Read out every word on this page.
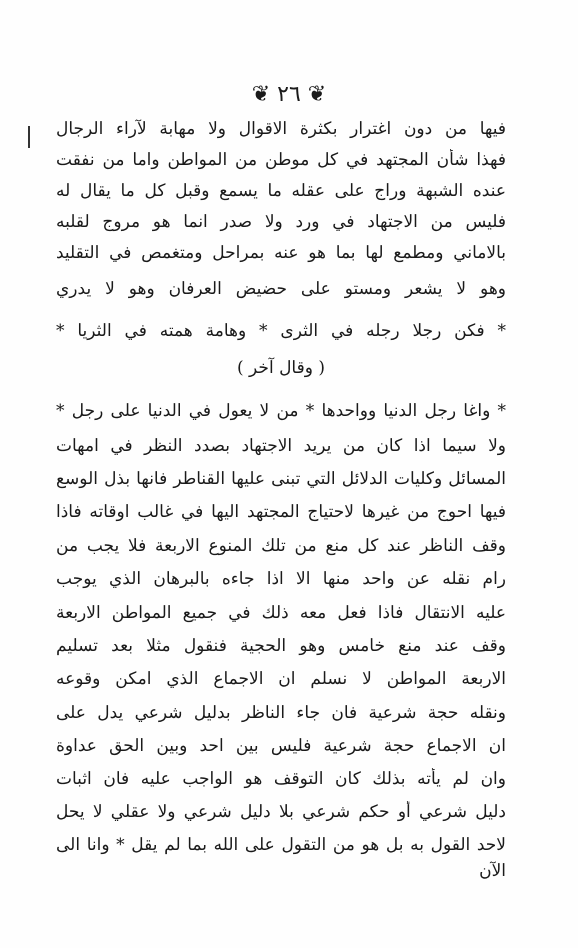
❦ ٢٦ ❦
فيها من دون اغترار بكثرة الاقوال ولا مهابة لآراء الرجال
فهذا شأن المجتهد في كل موطن من المواطن واما من نفقت
عنده الشبهة وراج على عقله ما يسمع وقبل كل ما يقال له
فليس من الاجتهاد في ورد ولا صدر انما هو مروج لقلبه
بالاماني ومطمع لها بما هو عنه بمراحل ومتغمص في التقليد
وهو لا يشعر ومستو على حضيض العرفان وهو لا يدري
* فكن رجلا رجله في الثرى * وهامة همته في الثريا *
( وقال آخر )
* واغا رجل الدنيا وواحدها * من لا يعول في الدنيا على رجل *
ولا سيما اذا كان من يريد الاجتهاد بصدد النظر في امهات
المسائل وكليات الدلائل التي تبنى عليها القناطر فانها بذل الوسع
فيها احوج من غيرها لاحتياج المجتهد اليها في غالب اوقاته فاذا
وقف الناظر عند كل منع من تلك المنوع الاربعة فلا يجب من
رام نقله عن واحد منها الا اذا جاءه بالبرهان الذي يوجب
عليه الانتقال فاذا فعل معه ذلك في جميع المواطن الاربعة
وقف عند منع خامس وهو الحجية فنقول مثلا بعد تسليم
الاربعة المواطن لا نسلم ان الاجماع الذي امكن وقوعه
ونقله حجة شرعية فان جاء الناظر بدليل شرعي يدل على
ان الاجماع حجة شرعية فليس بين احد وبين الحق عداوة
وان لم يأته بذلك كان التوقف هو الواجب عليه فان اثبات
دليل شرعي أو حكم شرعي بلا دليل شرعي ولا عقلي لا يحل
لاحد القول به بل هو من التقول على الله بما لم يقل * وانا الى
الآن
